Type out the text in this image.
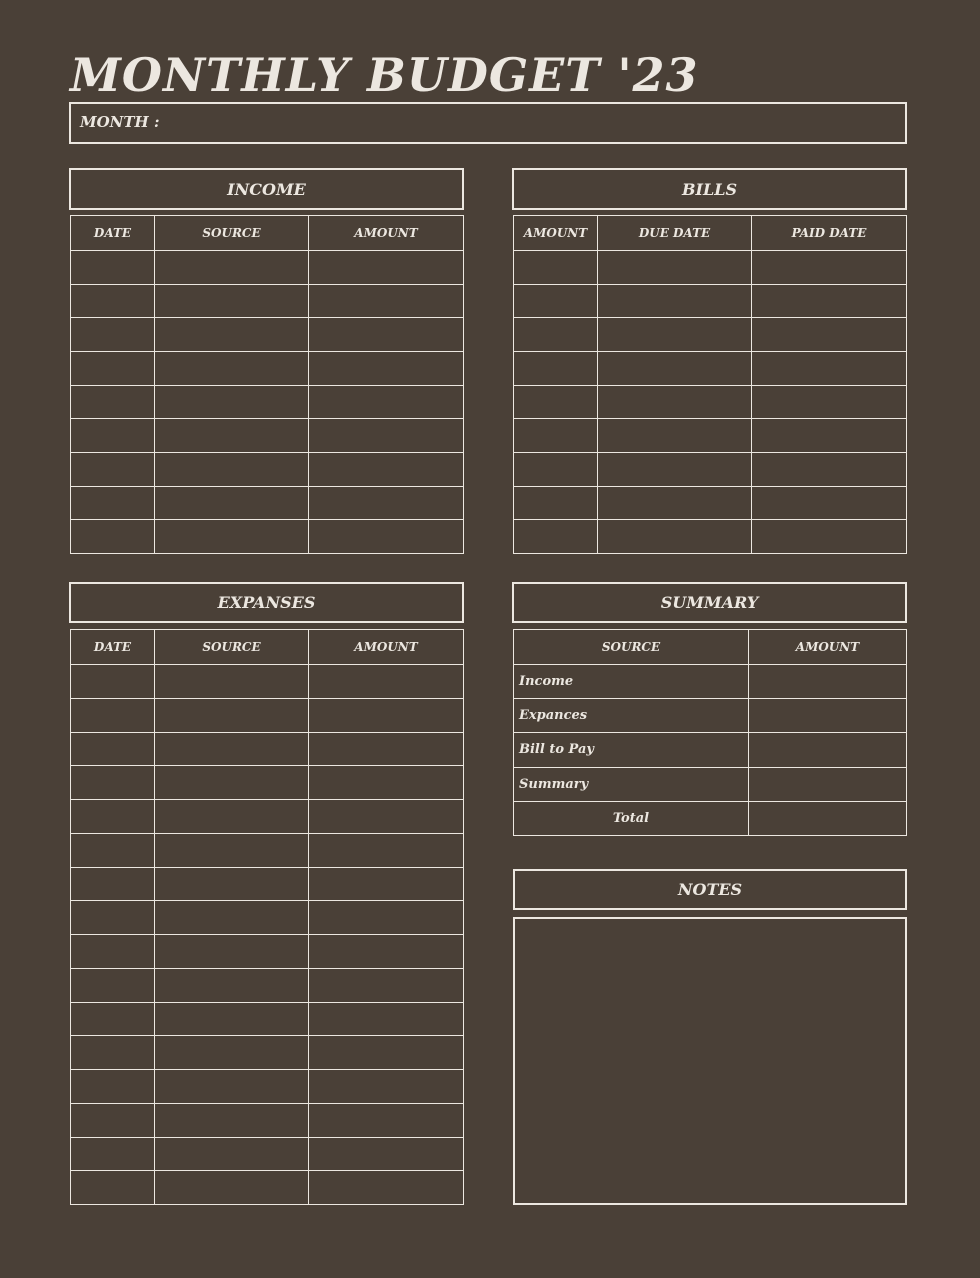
MONTHLY BUDGET '23
MONTH :
INCOME
DATE	SOURCE	AMOUNT

BILLS
AMOUNT	DUE DATE	PAID DATE

EXPANSES
DATE	SOURCE	AMOUNT

SUMMARY
SOURCE	AMOUNT
Income	
Expances	
Bill to Pay	
Summary	
Total	
NOTES
